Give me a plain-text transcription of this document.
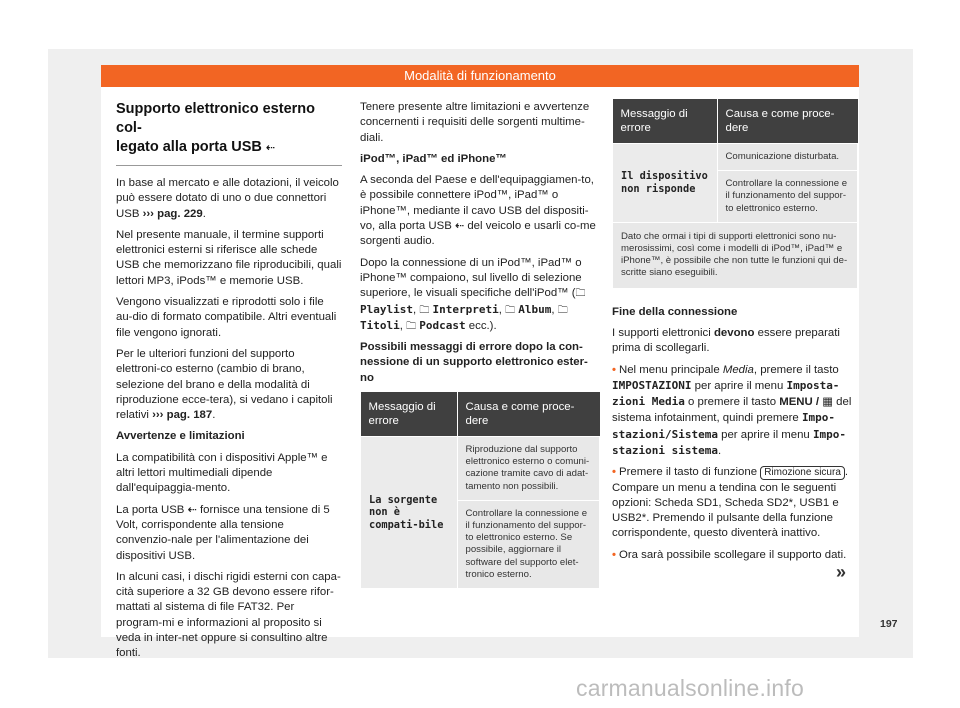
Modalità di funzionamento
Supporto elettronico esterno col-
legato alla porta USB ⇠

In base al mercato e alle dotazioni, il veicolo può essere dotato di uno o due connettori USB ››› pag. 229.

Nel presente manuale, il termine supporti elettronici esterni si riferisce alle schede USB che memorizzano file riproducibili, quali lettori MP3, iPods™ e memorie USB.

Vengono visualizzati e riprodotti solo i file au-dio di formato compatibile. Altri eventuali file vengono ignorati.

Per le ulteriori funzioni del supporto elettroni-co esterno (cambio di brano, selezione del brano e della modalità di riproduzione ecce-tera), si vedano i capitoli relativi ››› pag. 187.

Avvertenze e limitazioni

La compatibilità con i dispositivi Apple™ e altri lettori multimediali dipende dall'equipaggia-mento.

La porta USB ⇠ fornisce una tensione di 5 Volt, corrispondente alla tensione convenzio-nale per l'alimentazione dei dispositivi USB.

In alcuni casi, i dischi rigidi esterni con capa-cità superiore a 32 GB devono essere rifor-mattati al sistema di file FAT32. Per program-mi e informazioni al proposito si veda in inter-net oppure si consultino altre fonti.

Tenere presente altre limitazioni e avvertenze concernenti i requisiti delle sorgenti multime-diali.

iPod™, iPad™ ed iPhone™

A seconda del Paese e dell'equipaggiamen-to, è possibile connettere iPod™, iPad™ o iPhone™, mediante il cavo USB del dispositi-vo, alla porta USB ⇠ del veicolo e usarli co-me sorgenti audio.

Dopo la connessione di un iPod™, iPad™ o iPhone™ compaiono, sul livello di selezione superiore, le visuali specifiche dell'iPod™ (🗀 Playlist, 🗀 Interpreti, 🗀 Album, 🗀 Titoli, 🗀 Podcast ecc.).

Possibili messaggi di errore dopo la con-nessione di un supporto elettronico ester-no

Messaggio di errore	Causa e come proce-dere
La sorgente non è compati-bile	Riproduzione dal supporto elettronico esterno o comuni-cazione tramite cavo di adat-tamento non possibili.
	Controllare la connessione e il funzionamento del suppor-to elettronico esterno. Se possibile, aggiornare il software del supporto elet-tronico esterno.
Messaggio di errore	Causa e come proce-dere
Il dispositivo non risponde	Comunicazione disturbata.
	Controllare la connessione e il funzionamento del suppor-to elettronico esterno.
Dato che ormai i tipi di supporti elettronici sono nu-merosissimi, così come i modelli di iPod™, iPad™ e iPhone™, è possibile che non tutte le funzioni qui de-scritte siano eseguibili.	

Fine della connessione

I supporti elettronici devono essere preparati prima di scollegarli.

• Nel menu principale Media, premere il tasto IMPOSTAZIONI per aprire il menu Imposta-zioni Media o premere il tasto MENU / ▦ del sistema infotainment, quindi premere Impo-stazioni/Sistema per aprire il menu Impo-stazioni sistema.

• Premere il tasto di funzione Rimozione sicura . Compare un menu a tendina con le seguenti opzioni: Scheda SD1, Scheda SD2*, USB1 e USB2*. Premendo il pulsante della funzione corrispondente, questo diventerà inattivo.

• Ora sarà possibile scollegare il supporto dati.

»
197
carmanualsonline.info
